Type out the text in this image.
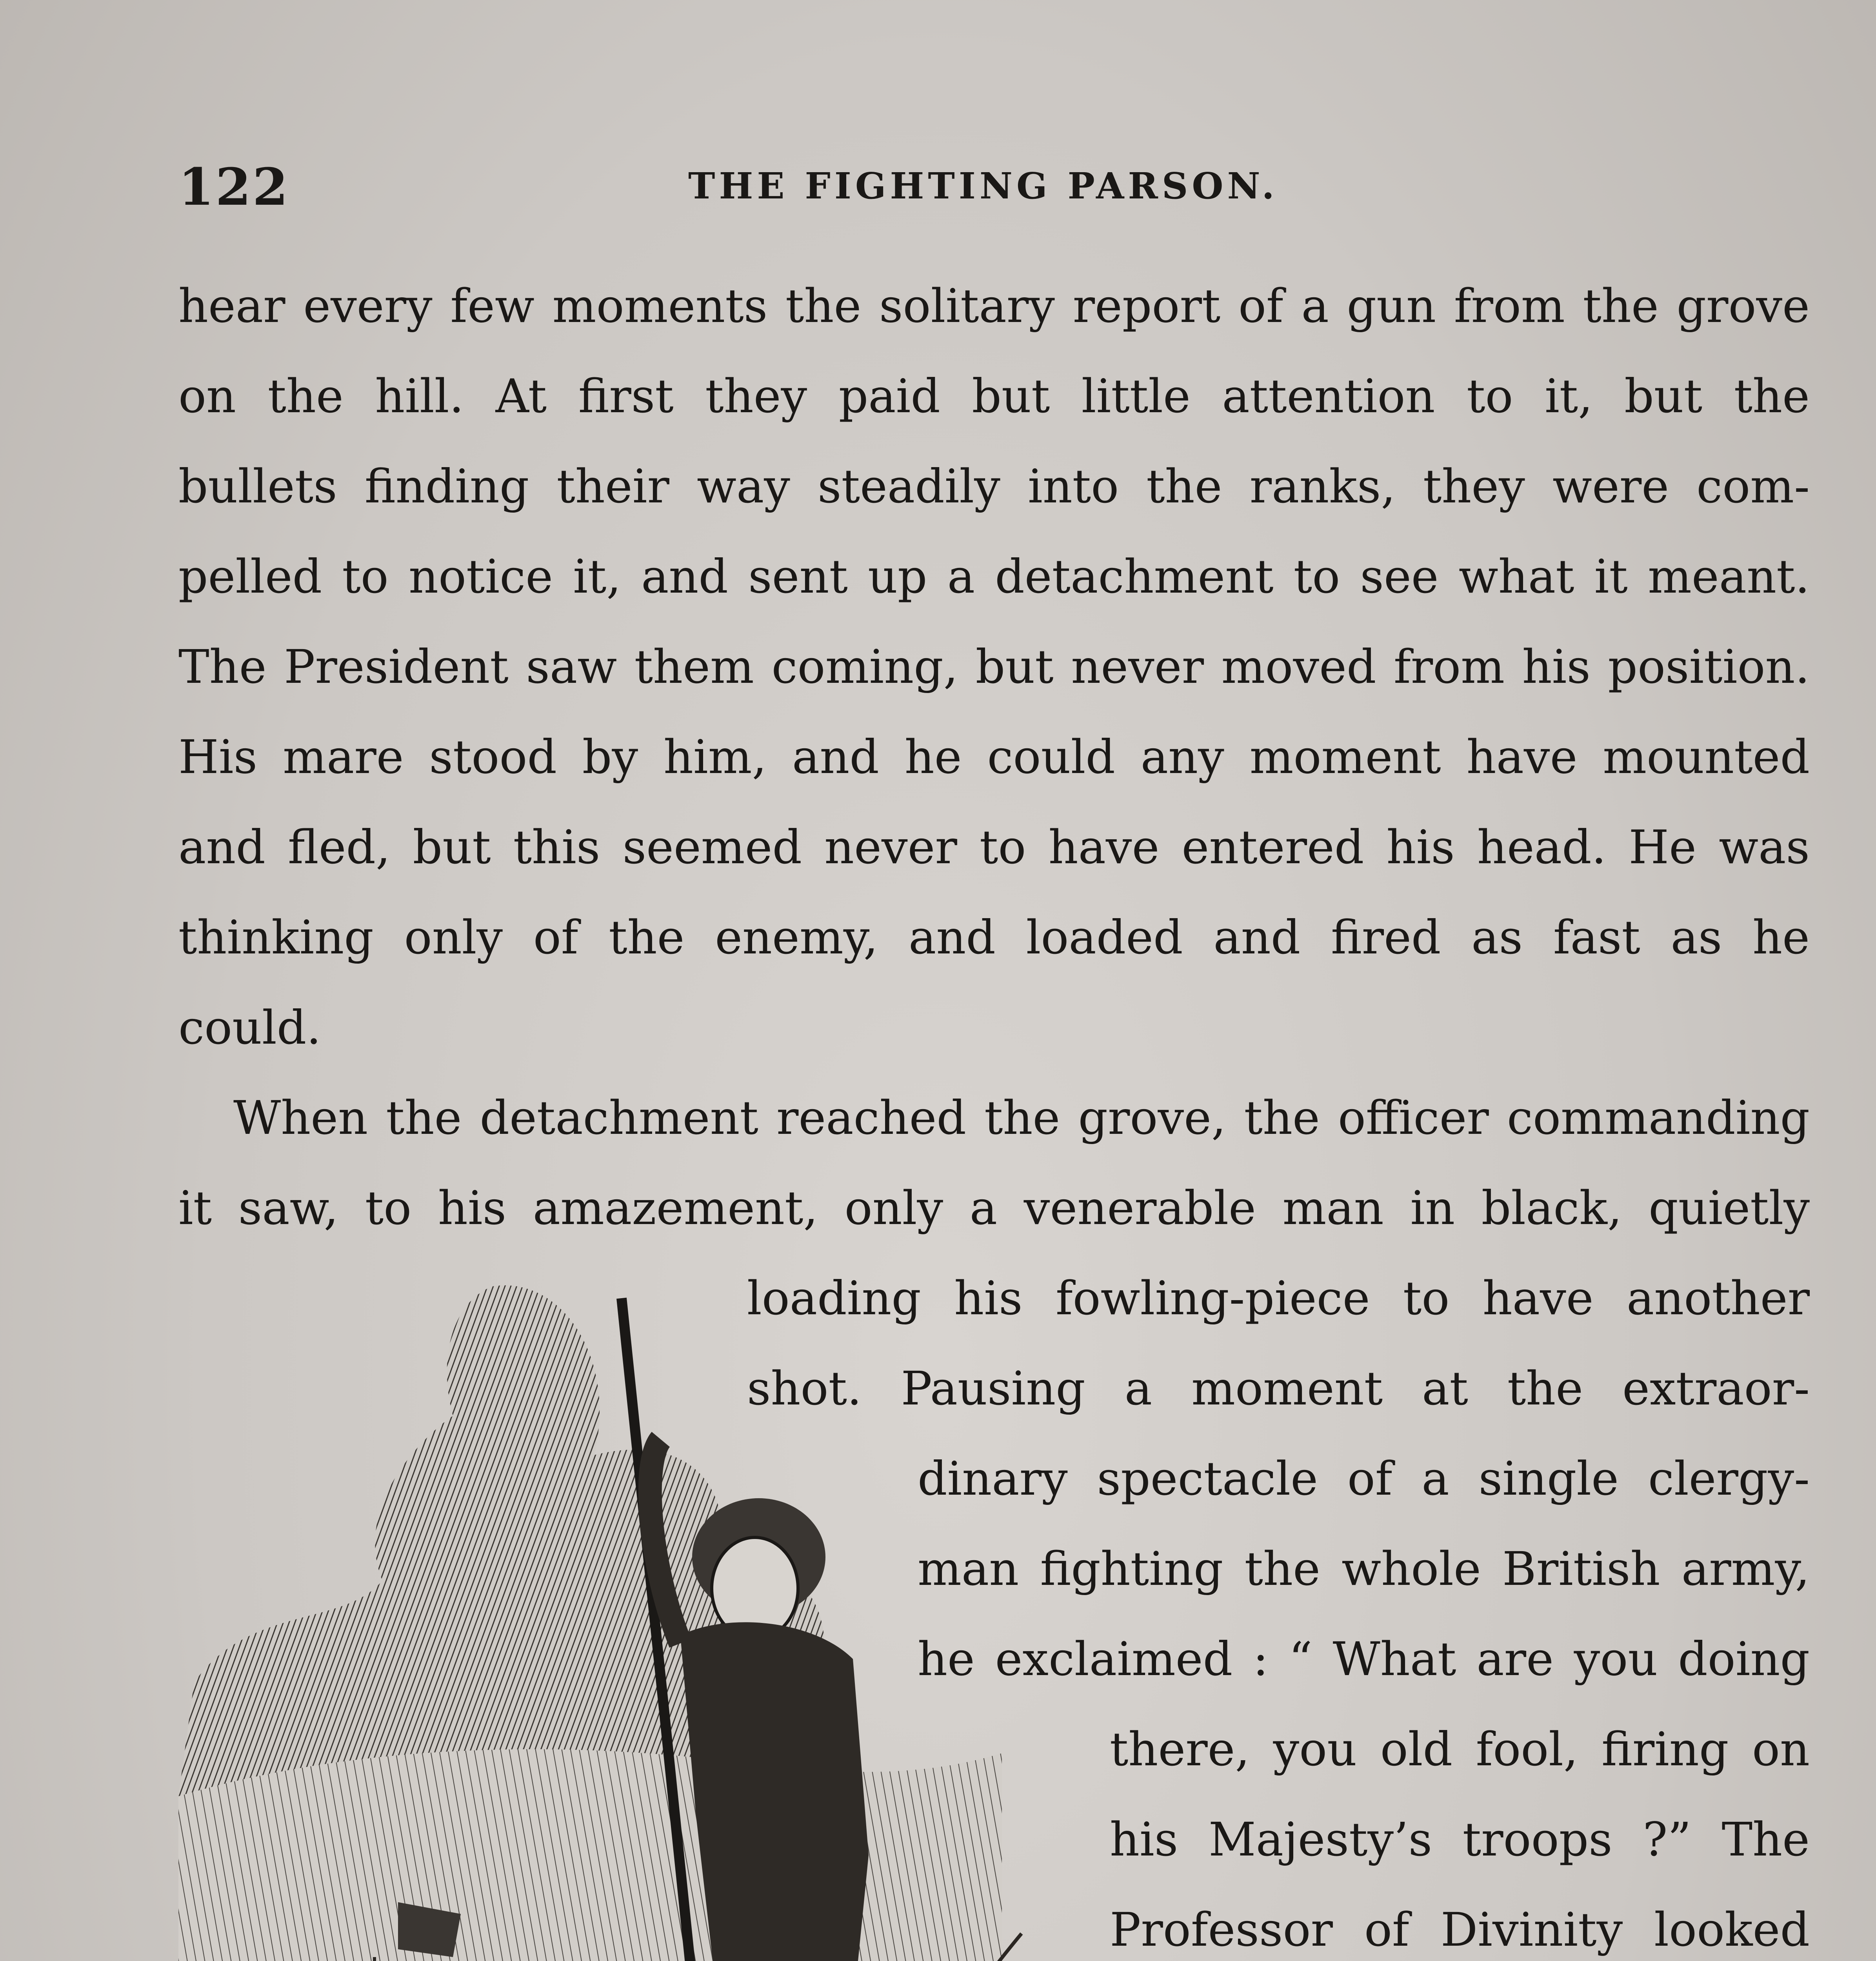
122	THE FIGHTING PARSON.
hear every few moments the solitary report of a gun from the grove
on the hill. At first they paid but little attention to it, but the
bullets finding their way steadily into the ranks, they were com-
pelled to notice it, and sent up a detachment to see what it meant.
The President saw them coming, but never moved from his position.
His mare stood by him, and he could any moment have mounted
and fled, but this seemed never to have entered his head. He was
thinking only of the enemy, and loaded and fired as fast as he
could.
When the detachment reached the grove, the officer commanding
it saw, to his amazement, only a venerable man in black, quietly
loading his fowling-piece to have another
shot. Pausing a moment at the extraor-
dinary spectacle of a single clergy-
man fighting the whole British army,
he exclaimed : “ What are you doing
there, you old fool, firing on
his Majesty’s troops ?” The
Professor of Divinity looked
